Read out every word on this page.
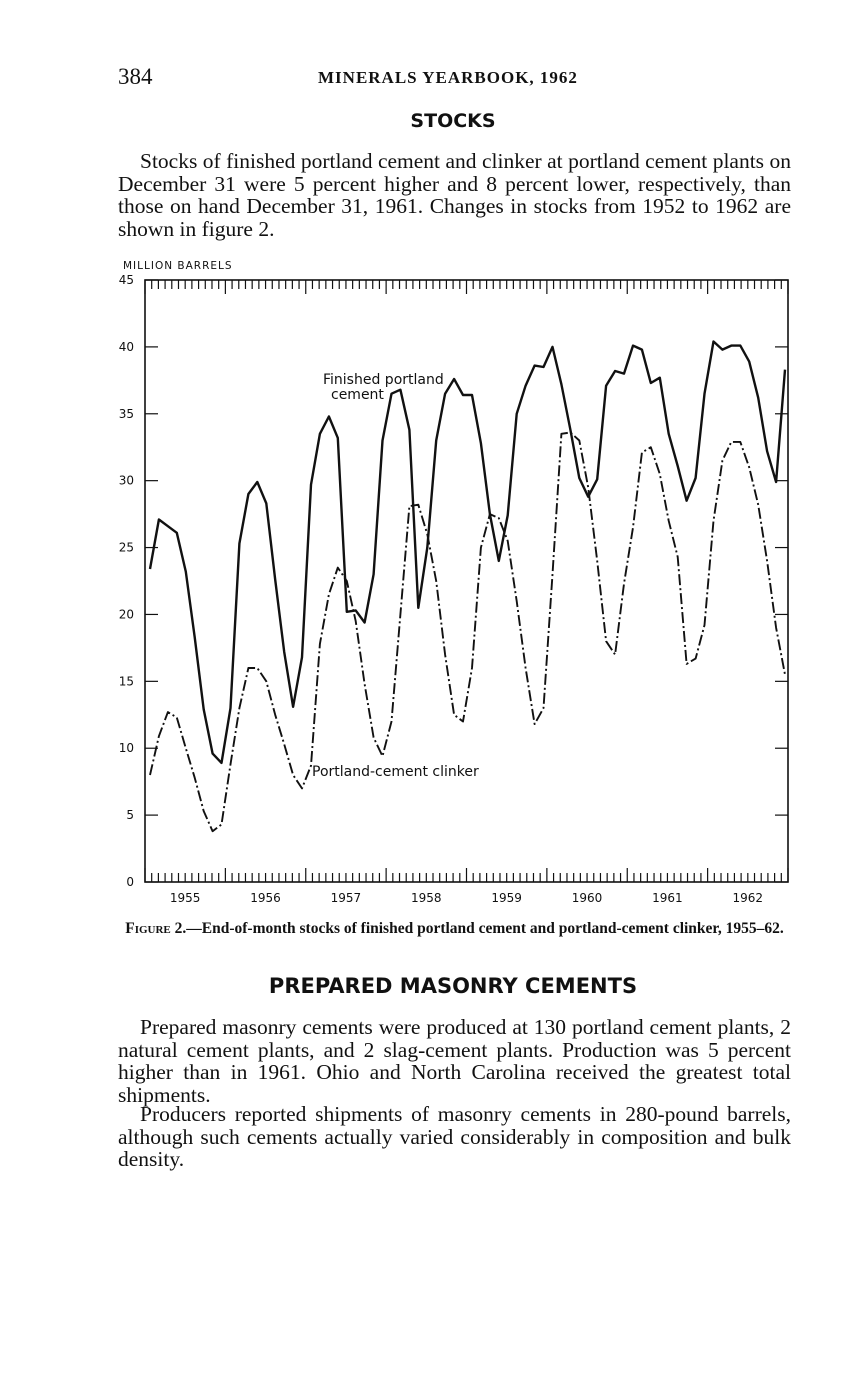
384	MINERALS YEARBOOK, 1962
STOCKS
Stocks of finished portland cement and clinker at portland cement plants on December 31 were 5 percent higher and 8 percent lower, respectively, than those on hand December 31, 1961. Changes in stocks from 1952 to 1962 are shown in figure 2.
MILLION BARRELS
0
5
10
15
20
25
30
35
40
45
1955	1956	1957	1958	1959	1960	1961	1962
Finished portland
cement
Portland-cement clinker
Figure 2.—End-of-month stocks of finished portland cement and portland-cement clinker, 1955–62.
PREPARED MASONRY CEMENTS
Prepared masonry cements were produced at 130 portland cement plants, 2 natural cement plants, and 2 slag-cement plants. Production was 5 percent higher than in 1961. Ohio and North Carolina received the greatest total shipments.
Producers reported shipments of masonry cements in 280-pound barrels, although such cements actually varied considerably in composition and bulk density.
